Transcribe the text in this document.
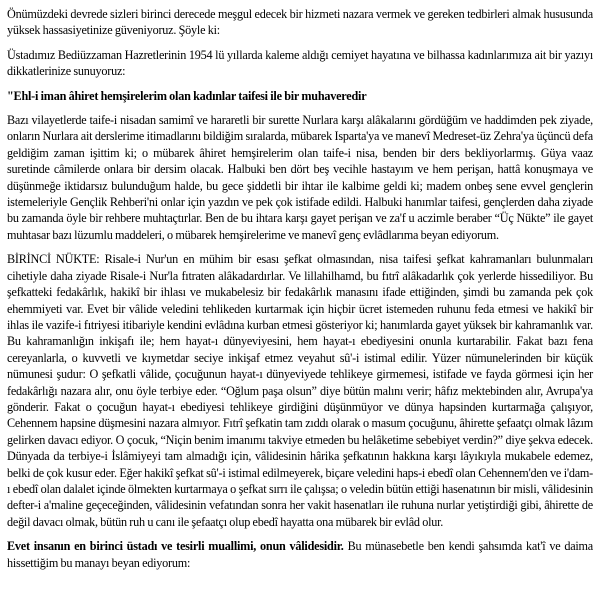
Önümüzdeki devrede sizleri birinci derecede meşgul edecek bir hizmeti nazara vermek ve gereken tedbirleri almak hususunda yüksek hassasiyetinize güveniyoruz. Şöyle ki:

Üstadımız Bediüzzaman Hazretlerinin 1954 lü yıllarda kaleme aldığı cemiyet hayatına ve bilhassa kadınlarımıza ait bir yazıyı dikkatlerinize sunuyoruz:

"Ehl-i iman âhiret hemşirelerim olan kadınlar taifesi ile bir muhaveredir

Bazı vilayetlerde taife-i nisadan samimî ve hararetli bir surette Nurlara karşı alâkalarını gördüğüm ve haddimden pek ziyade, onların Nurlara ait derslerime itimadlarını bildiğim sıralarda, mübarek Isparta'ya ve manevî Medreset-üz Zehra'ya üçüncü defa geldiğim zaman işittim ki; o mübarek âhiret hemşirelerim olan taife-i nisa, benden bir ders bekliyorlarmış. Güya vaaz suretinde câmilerde onlara bir dersim olacak. Halbuki ben dört beş vecihle hastayım ve hem perişan, hattâ konuşmaya ve düşünmeğe iktidarsız bulunduğum halde, bu gece şiddetli bir ihtar ile kalbime geldi ki; madem onbeş sene evvel gençlerin istemeleriyle Gençlik Rehberi'ni onlar için yazdın ve pek çok istifade edildi. Halbuki hanımlar taifesi, gençlerden daha ziyade bu zamanda öyle bir rehbere muhtaçtırlar. Ben de bu ihtara karşı gayet perişan ve za'f u aczimle beraber “Üç Nükte” ile gayet muhtasar bazı lüzumlu maddeleri, o mübarek hemşirelerime ve manevî genç evlâdlarıma beyan ediyorum.

BİRİNCİ NÜKTE: Risale-i Nur'un en mühim bir esası şefkat olmasından, nisa taifesi şefkat kahramanları bulunmaları cihetiyle daha ziyade Risale-i Nur'la fıtraten alâkadardırlar. Ve lillahilhamd, bu fıtrî alâkadarlık çok yerlerde hissediliyor. Bu şefkatteki fedakârlık, hakikî bir ihlası ve mukabelesiz bir fedakârlık manasını ifade ettiğinden, şimdi bu zamanda pek çok ehemmiyeti var. Evet bir vâlide veledini tehlikeden kurtarmak için hiçbir ücret istemeden ruhunu feda etmesi ve hakikî bir ihlas ile vazife-i fıtriyesi itibariyle kendini evlâdına kurban etmesi gösteriyor ki; hanımlarda gayet yüksek bir kahramanlık var. Bu kahramanlığın inkişafı ile; hem hayat-ı dünyeviyesini, hem hayat-ı ebediyesini onunla kurtarabilir. Fakat bazı fena cereyanlarla, o kuvvetli ve kıymetdar seciye inkişaf etmez veyahut sû'-i istimal edilir. Yüzer nümunelerinden bir küçük nümunesi şudur: O şefkatli vâlide, çocuğunun hayat-ı dünyeviyede tehlikeye girmemesi, istifade ve fayda görmesi için her fedakârlığı nazara alır, onu öyle terbiye eder. “Oğlum paşa olsun” diye bütün malını verir; hâfız mektebinden alır, Avrupa'ya gönderir. Fakat o çocuğun hayat-ı ebediyesi tehlikeye girdiğini düşünmüyor ve dünya hapsinden kurtarmağa çalışıyor, Cehennem hapsine düşmesini nazara almıyor. Fıtrî şefkatin tam zıddı olarak o masum çocuğunu, âhirette şefaatçı olmak lâzım gelirken davacı ediyor. O çocuk, “Niçin benim imanımı takviye etmeden bu helâketime sebebiyet verdin?” diye şekva edecek. Dünyada da terbiye-i İslâmiyeyi tam almadığı için, vâlidesinin hârika şefkatının hakkına karşı lâyıkıyla mukabele edemez, belki de çok kusur eder. Eğer hakikî şefkat sû'-i istimal edilmeyerek, biçare veledini haps-i ebedî olan Cehennem'den ve i'dam-ı ebedî olan dalalet içinde ölmekten kurtarmaya o şefkat sırrı ile çalışsa; o veledin bütün ettiği hasenatının bir misli, vâlidesinin defter-i a'maline geçeceğinden, vâlidesinin vefatından sonra her vakit hasenatları ile ruhuna nurlar yetiştirdiği gibi, âhirette de değil davacı olmak, bütün ruh u canı ile şefaatçı olup ebedî hayatta ona mübarek bir evlâd olur.

Evet insanın en birinci üstadı ve tesirli muallimi, onun vâlidesidir. Bu münasebetle ben kendi şahsımda kat'î ve daima hissettiğim bu manayı beyan ediyorum:
